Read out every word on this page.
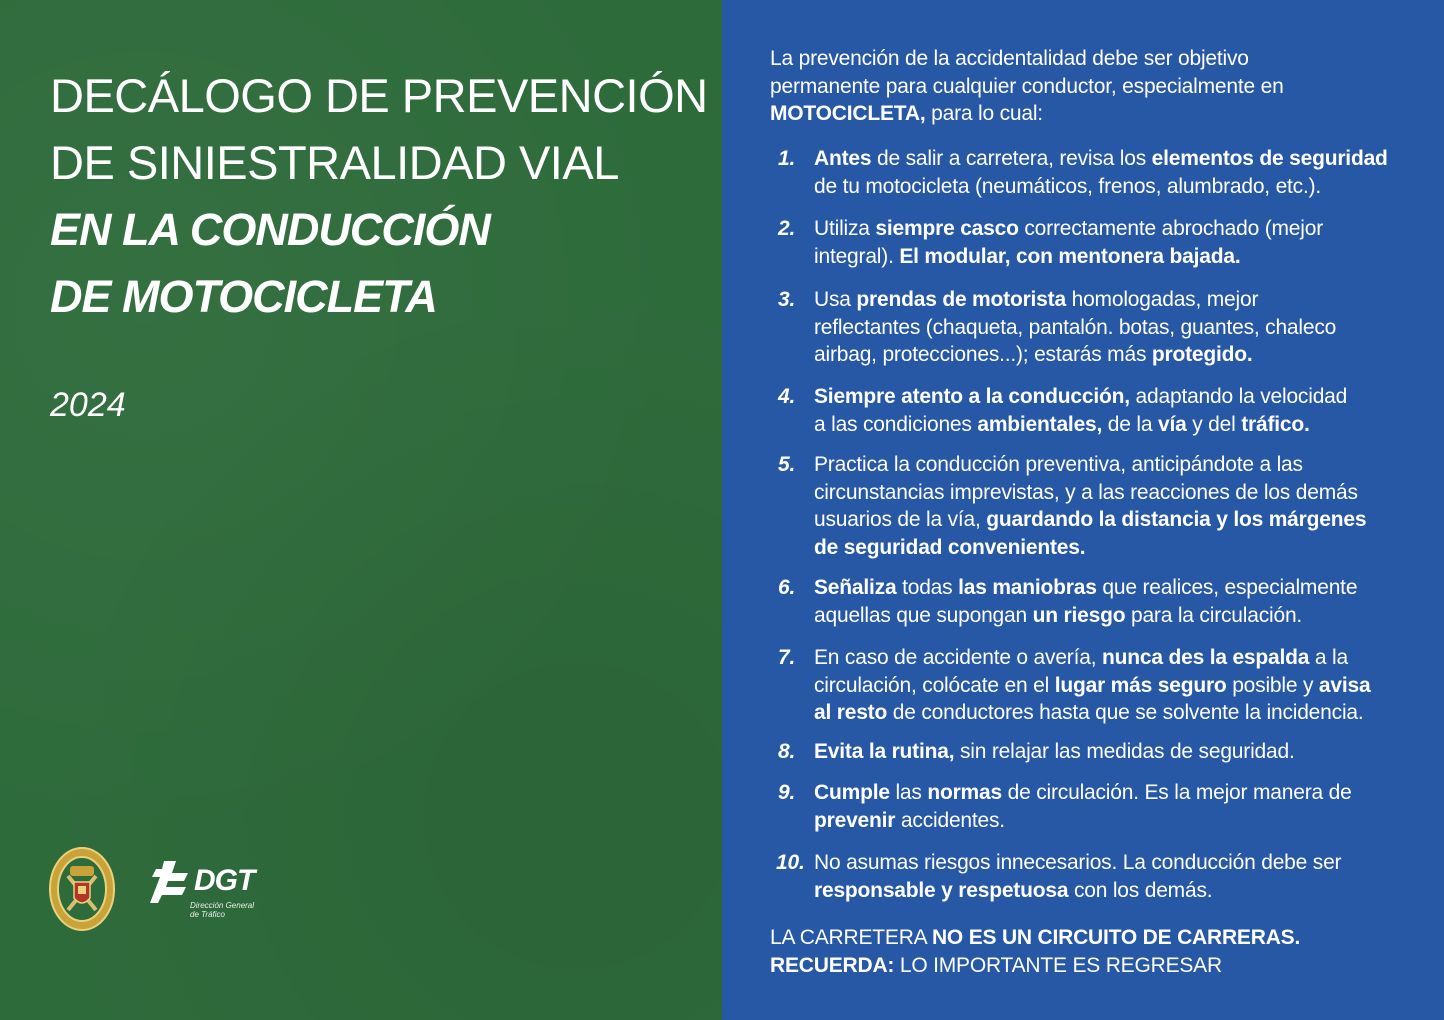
DECÁLOGO DE PREVENCIÓN
DE SINIESTRALIDAD VIAL
EN LA CONDUCCIÓN
DE MOTOCICLETA
2024
DGT
Dirección General
de Tráfico
La prevención de la accidentalidad debe ser objetivo
permanente para cualquier conductor, especialmente en
MOTOCICLETA, para lo cual:
1. Antes de salir a carretera, revisa los elementos de seguridad
de tu motocicleta (neumáticos, frenos, alumbrado, etc.).
2. Utiliza siempre casco correctamente abrochado (mejor
integral). El modular, con mentonera bajada.
3. Usa prendas de motorista homologadas, mejor
reflectantes (chaqueta, pantalón. botas, guantes, chaleco
airbag, protecciones...); estarás más protegido.
4. Siempre atento a la conducción, adaptando la velocidad
a las condiciones ambientales, de la vía y del tráfico.
5. Practica la conducción preventiva, anticipándote a las
circunstancias imprevistas, y a las reacciones de los demás
usuarios de la vía, guardando la distancia y los márgenes
de seguridad convenientes.
6. Señaliza todas las maniobras que realices, especialmente
aquellas que supongan un riesgo para la circulación.
7. En caso de accidente o avería, nunca des la espalda a la
circulación, colócate en el lugar más seguro posible y avisa
al resto de conductores hasta que se solvente la incidencia.
8. Evita la rutina, sin relajar las medidas de seguridad.
9. Cumple las normas de circulación. Es la mejor manera de
prevenir accidentes.
10. No asumas riesgos innecesarios. La conducción debe ser
responsable y respetuosa con los demás.
LA CARRETERA NO ES UN CIRCUITO DE CARRERAS.
RECUERDA: LO IMPORTANTE ES REGRESAR
